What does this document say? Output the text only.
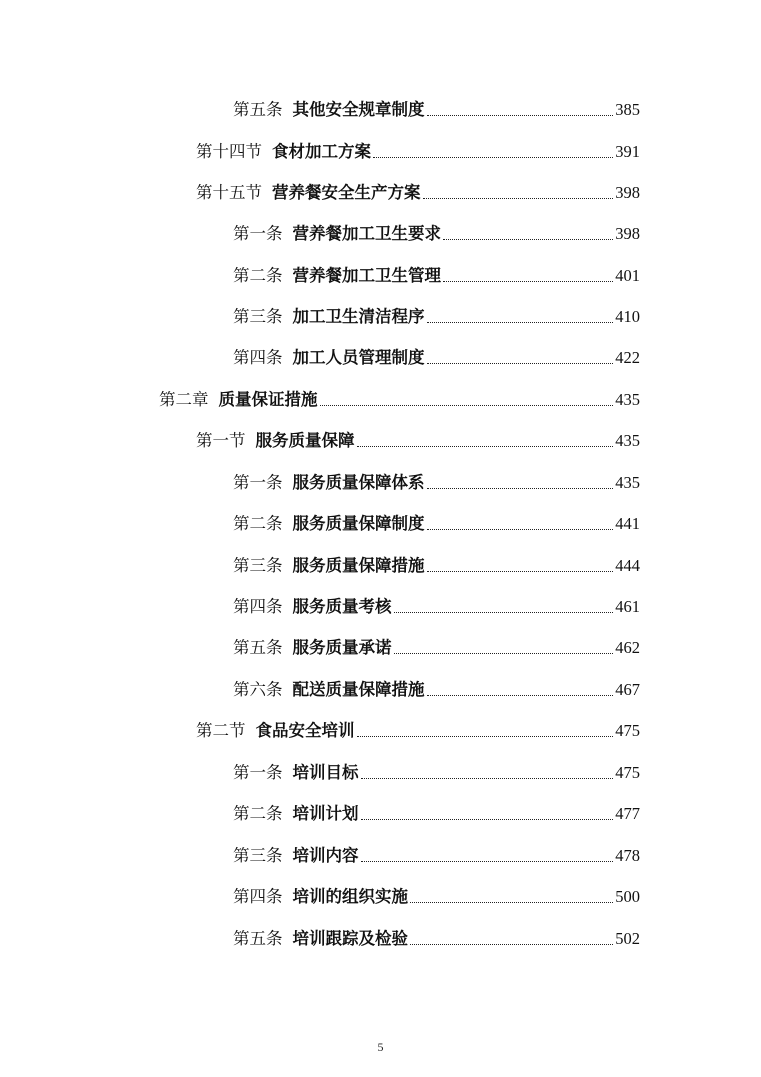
第五条 其他安全规章制度	385
第十四节 食材加工方案	391
第十五节 营养餐安全生产方案	398
第一条 营养餐加工卫生要求	398
第二条 营养餐加工卫生管理	401
第三条 加工卫生清洁程序	410
第四条 加工人员管理制度	422
第二章 质量保证措施	435
第一节 服务质量保障	435
第一条 服务质量保障体系	435
第二条 服务质量保障制度	441
第三条 服务质量保障措施	444
第四条 服务质量考核	461
第五条 服务质量承诺	462
第六条 配送质量保障措施	467
第二节 食品安全培训	475
第一条 培训目标	475
第二条 培训计划	477
第三条 培训内容	478
第四条 培训的组织实施	500
第五条 培训跟踪及检验	502
5
